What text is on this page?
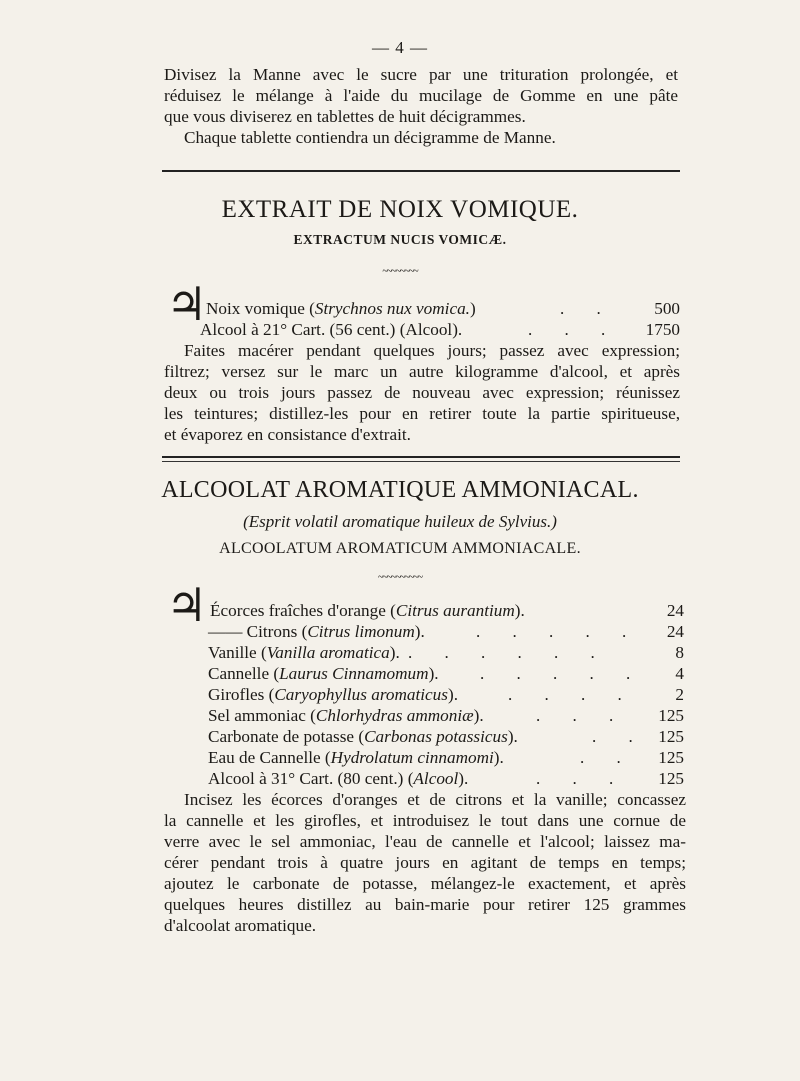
— 4 —
Divisez la Manne avec le sucre par une trituration prolongée, et
réduisez le mélange à l'aide du mucilage de Gomme en une pâte
que vous diviserez en tablettes de huit décigrammes.
Chaque tablette contiendra un décigramme de Manne.
EXTRAIT DE NOIX VOMIQUE.
EXTRACTUM NUCIS VOMICÆ.
~~~~~~~~
♃
Noix vomique (Strychnos nux vomica.)	. .	500
Alcool à 21° Cart. (56 cent.) (Alcool).	. . .	1750
Faites macérer pendant quelques jours; passez avec expression;
filtrez; versez sur le marc un autre kilogramme d'alcool, et après
deux ou trois jours passez de nouveau avec expression; réunissez
les teintures; distillez-les pour en retirer toute la partie spiritueuse,
et évaporez en consistance d'extrait.
ALCOOLAT AROMATIQUE AMMONIACAL.
(Esprit volatil aromatique huileux de Sylvius.)
ALCOOLATUM AROMATICUM AMMONIACALE.
~~~~~~~~~~
♃ Écorces fraîches d'orange (Citrus aurantium).	24
—— Citrons (Citrus limonum).	. . . . .	24
Vanille (Vanilla aromatica). . . . . . .	8
Cannelle (Laurus Cinnamomum). . . . . .	4
Girofles (Caryophyllus aromaticus).	. . . .	2
Sel ammoniac (Chlorhydras ammoniæ).	. . .	125
Carbonate de potasse (Carbonas potassicus).	. . 125
Eau de Cannelle (Hydrolatum cinnamomi).	. .	125
Alcool à 31° Cart. (80 cent.) (Alcool).	. . .	125
Incisez les écorces d'oranges et de citrons et la vanille; concassez
la cannelle et les girofles, et introduisez le tout dans une cornue de
verre avec le sel ammoniac, l'eau de cannelle et l'alcool; laissez ma-
cérer pendant trois à quatre jours en agitant de temps en temps;
ajoutez le carbonate de potasse, mélangez-le exactement, et après
quelques heures distillez au bain-marie pour retirer 125 grammes
d'alcoolat aromatique.
